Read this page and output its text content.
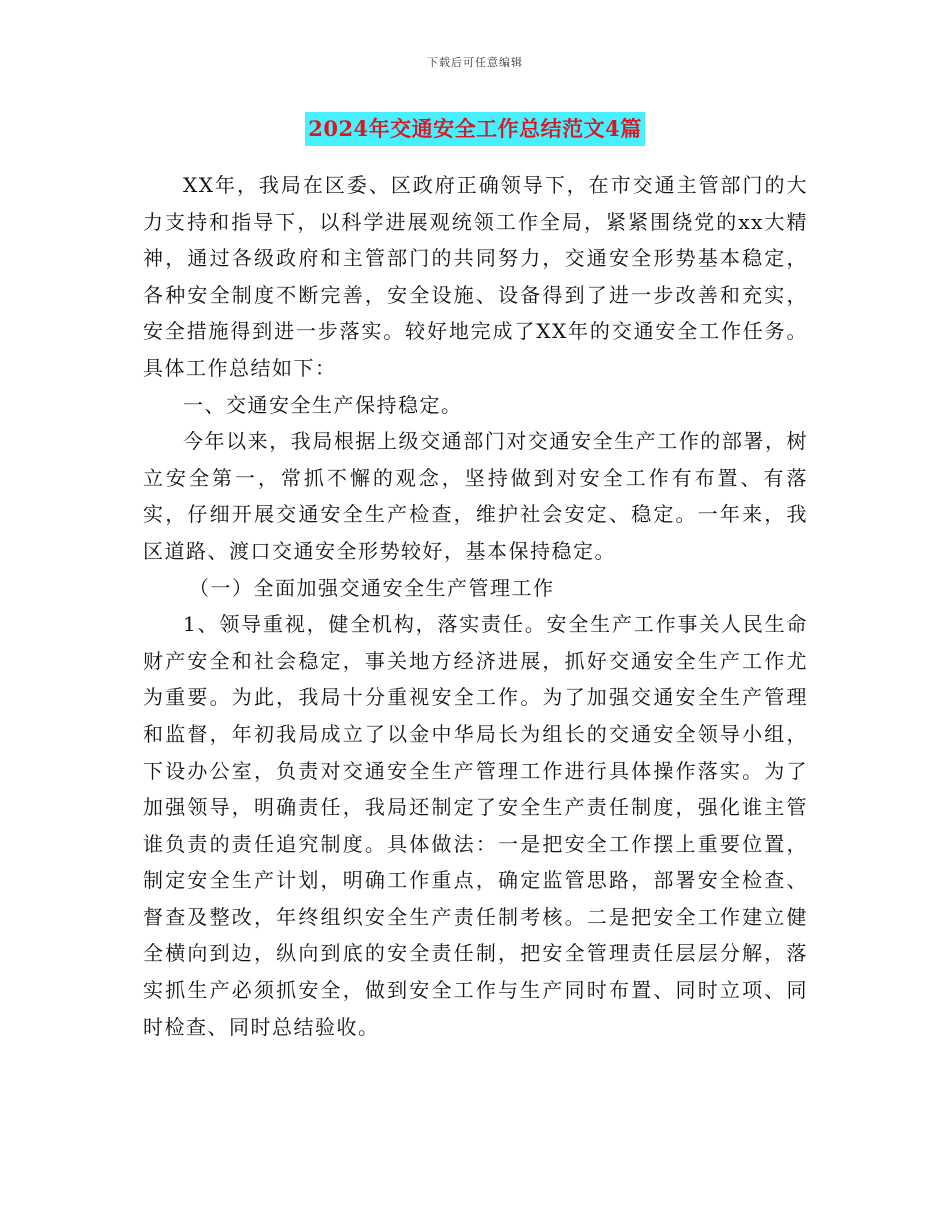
下载后可任意编辑
2024年交通安全工作总结范文4篇

XX年，我局在区委、区政府正确领导下，在市交通主管部门的大力支持和指导下，以科学进展观统领工作全局，紧紧围绕党的xx大精神，通过各级政府和主管部门的共同努力，交通安全形势基本稳定，各种安全制度不断完善，安全设施、设备得到了进一步改善和充实，安全措施得到进一步落实。较好地完成了XX年的交通安全工作任务。具体工作总结如下：

一、交通安全生产保持稳定。

今年以来，我局根据上级交通部门对交通安全生产工作的部署，树立安全第一，常抓不懈的观念，坚持做到对安全工作有布置、有落实，仔细开展交通安全生产检查，维护社会安定、稳定。一年来，我区道路、渡口交通安全形势较好，基本保持稳定。

（一）全面加强交通安全生产管理工作

1、领导重视，健全机构，落实责任。安全生产工作事关人民生命财产安全和社会稳定，事关地方经济进展，抓好交通安全生产工作尤为重要。为此，我局十分重视安全工作。为了加强交通安全生产管理和监督，年初我局成立了以金中华局长为组长的交通安全领导小组，下设办公室，负责对交通安全生产管理工作进行具体操作落实。为了加强领导，明确责任，我局还制定了安全生产责任制度，强化谁主管谁负责的责任追究制度。具体做法：一是把安全工作摆上重要位置，制定安全生产计划，明确工作重点，确定监管思路，部署安全检查、督查及整改，年终组织安全生产责任制考核。二是把安全工作建立健全横向到边，纵向到底的安全责任制，把安全管理责任层层分解，落实抓生产必须抓安全，做到安全工作与生产同时布置、同时立项、同时检查、同时总结验收。
